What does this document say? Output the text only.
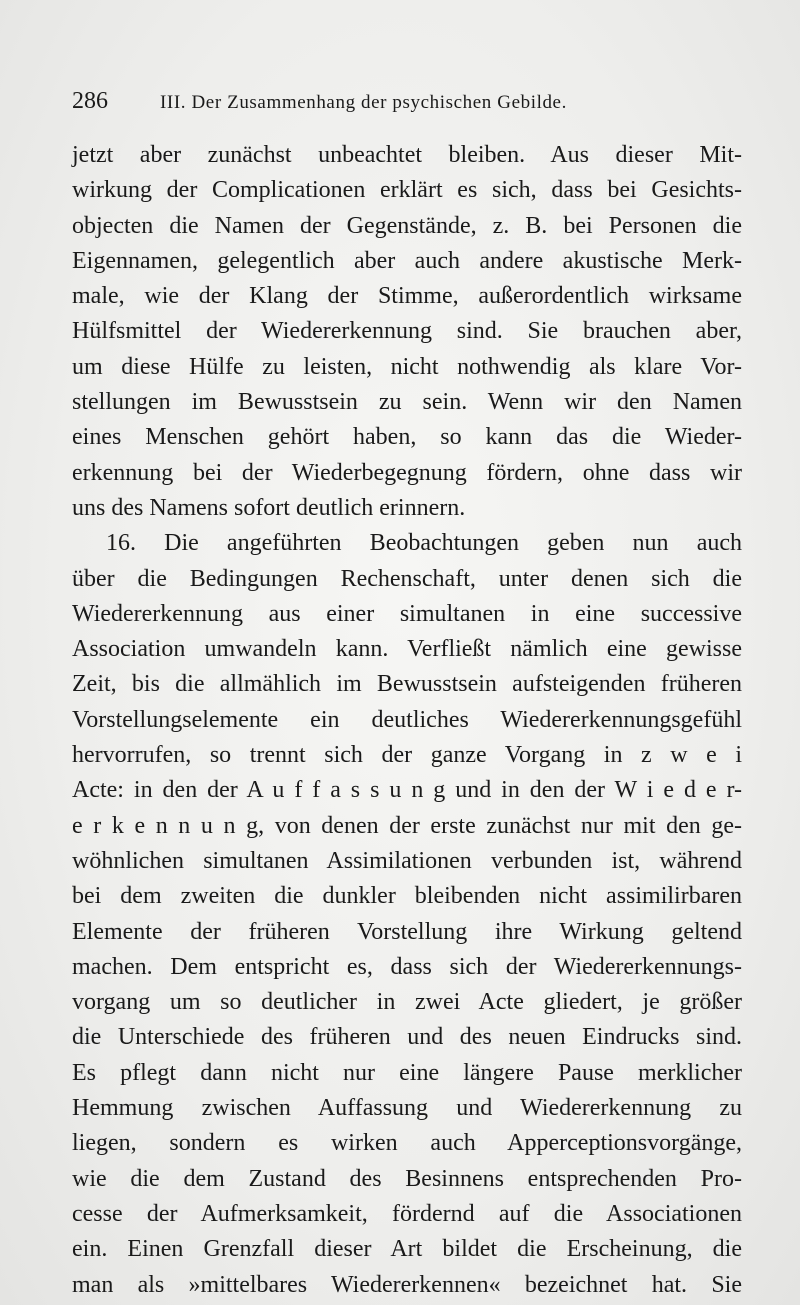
286	III. Der Zusammenhang der psychischen Gebilde.
jetzt aber zunächst unbeachtet bleiben. Aus dieser Mit-
wirkung der Complicationen erklärt es sich, dass bei Gesichts-
objecten die Namen der Gegenstände, z. B. bei Personen die
Eigennamen, gelegentlich aber auch andere akustische Merk-
male, wie der Klang der Stimme, außerordentlich wirksame
Hülfsmittel der Wiedererkennung sind. Sie brauchen aber,
um diese Hülfe zu leisten, nicht nothwendig als klare Vor-
stellungen im Bewusstsein zu sein. Wenn wir den Namen
eines Menschen gehört haben, so kann das die Wieder-
erkennung bei der Wiederbegegnung fördern, ohne dass wir
uns des Namens sofort deutlich erinnern.
16. Die angeführten Beobachtungen geben nun auch
über die Bedingungen Rechenschaft, unter denen sich die
Wiedererkennung aus einer simultanen in eine successive
Association umwandeln kann. Verfließt nämlich eine gewisse
Zeit, bis die allmählich im Bewusstsein aufsteigenden früheren
Vorstellungselemente ein deutliches Wiedererkennungsgefühl
hervorrufen, so trennt sich der ganze Vorgang in z w e i
Acte: in den der A u f f a s s u n g und in den der W i e d e r-
e r k e n n u n g, von denen der erste zunächst nur mit den ge-
wöhnlichen simultanen Assimilationen verbunden ist, während
bei dem zweiten die dunkler bleibenden nicht assimilirbaren
Elemente der früheren Vorstellung ihre Wirkung geltend
machen. Dem entspricht es, dass sich der Wiedererkennungs-
vorgang um so deutlicher in zwei Acte gliedert, je größer
die Unterschiede des früheren und des neuen Eindrucks sind.
Es pflegt dann nicht nur eine längere Pause merklicher
Hemmung zwischen Auffassung und Wiedererkennung zu
liegen, sondern es wirken auch Apperceptionsvorgänge,
wie die dem Zustand des Besinnens entsprechenden Pro-
cesse der Aufmerksamkeit, fördernd auf die Associationen
ein. Einen Grenzfall dieser Art bildet die Erscheinung, die
man als »mittelbares Wiedererkennen« bezeichnet hat. Sie
